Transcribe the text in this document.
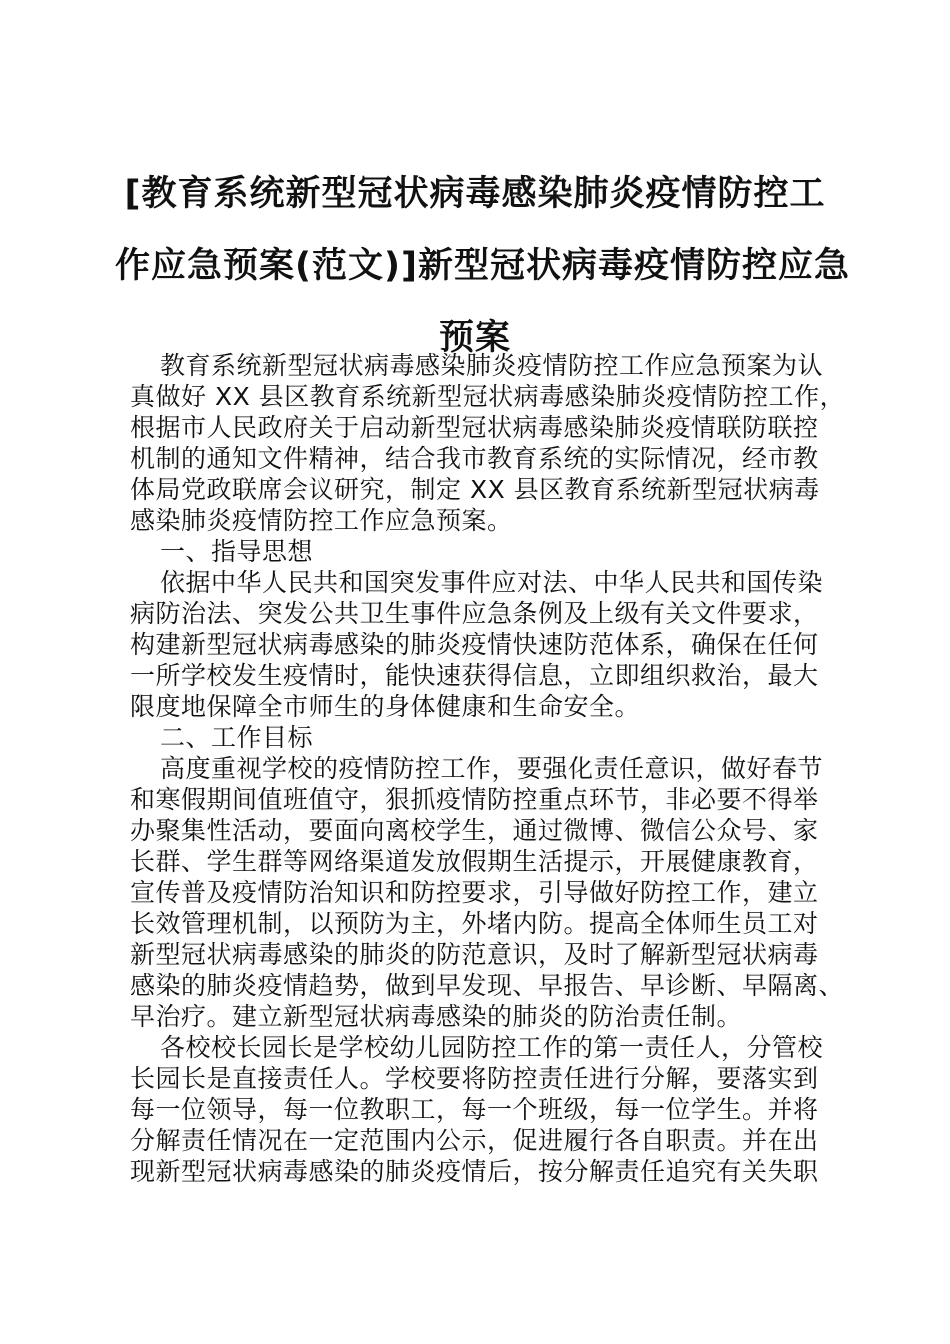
[教育系统新型冠状病毒感染肺炎疫情防控工
作应急预案(范文)]新型冠状病毒疫情防控应急
预案

教育系统新型冠状病毒感染肺炎疫情防控工作应急预案为认
真做好 XX 县区教育系统新型冠状病毒感染肺炎疫情防控工作，
根据市人民政府关于启动新型冠状病毒感染肺炎疫情联防联控
机制的通知文件精神，结合我市教育系统的实际情况，经市教
体局党政联席会议研究，制定 XX 县区教育系统新型冠状病毒
感染肺炎疫情防控工作应急预案。

一、指导思想

依据中华人民共和国突发事件应对法、中华人民共和国传染
病防治法、突发公共卫生事件应急条例及上级有关文件要求，
构建新型冠状病毒感染的肺炎疫情快速防范体系，确保在任何
一所学校发生疫情时，能快速获得信息，立即组织救治，最大
限度地保障全市师生的身体健康和生命安全。

二、工作目标

高度重视学校的疫情防控工作，要强化责任意识，做好春节
和寒假期间值班值守，狠抓疫情防控重点环节，非必要不得举
办聚集性活动，要面向离校学生，通过微博、微信公众号、家
长群、学生群等网络渠道发放假期生活提示，开展健康教育，
宣传普及疫情防治知识和防控要求，引导做好防控工作，建立
长效管理机制，以预防为主，外堵内防。提高全体师生员工对
新型冠状病毒感染的肺炎的防范意识，及时了解新型冠状病毒
感染的肺炎疫情趋势，做到早发现、早报告、早诊断、早隔离、
早治疗。建立新型冠状病毒感染的肺炎的防治责任制。

各校校长园长是学校幼儿园防控工作的第一责任人，分管校
长园长是直接责任人。学校要将防控责任进行分解，要落实到
每一位领导，每一位教职工，每一个班级，每一位学生。并将
分解责任情况在一定范围内公示，促进履行各自职责。并在出
现新型冠状病毒感染的肺炎疫情后，按分解责任追究有关失职
